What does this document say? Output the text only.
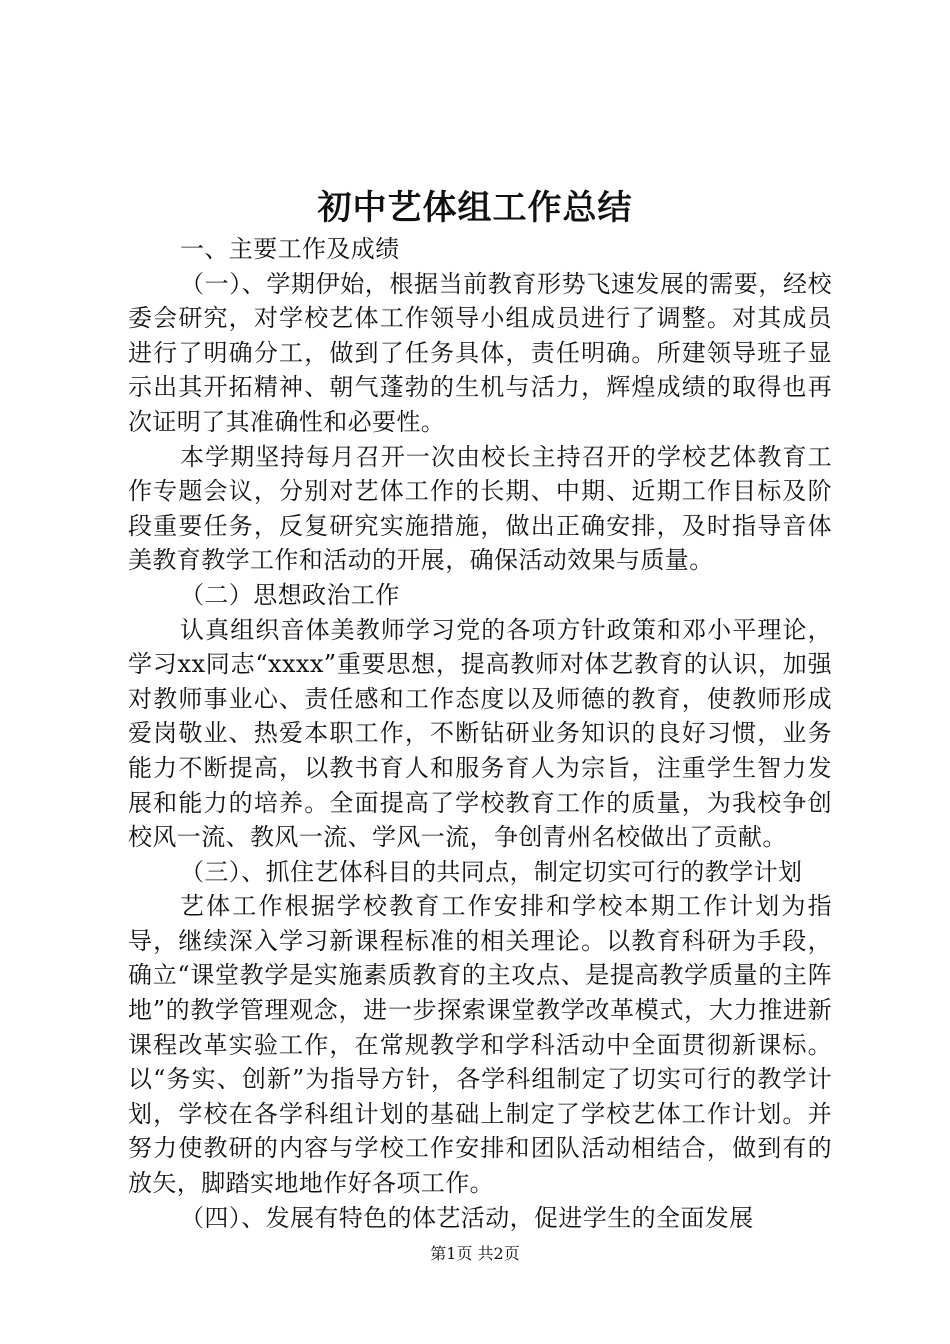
初中艺体组工作总结

一、主要工作及成绩

（一）、学期伊始，根据当前教育形势飞速发展的需要，经校委会研究，对学校艺体工作领导小组成员进行了调整。对其成员进行了明确分工，做到了任务具体，责任明确。所建领导班子显示出其开拓精神、朝气蓬勃的生机与活力，辉煌成绩的取得也再次证明了其准确性和必要性。

本学期坚持每月召开一次由校长主持召开的学校艺体教育工作专题会议，分别对艺体工作的长期、中期、近期工作目标及阶段重要任务，反复研究实施措施，做出正确安排，及时指导音体美教育教学工作和活动的开展，确保活动效果与质量。

（二）思想政治工作

认真组织音体美教师学习党的各项方针政策和邓小平理论，学习xx同志“xxxx”重要思想，提高教师对体艺教育的认识，加强对教师事业心、责任感和工作态度以及师德的教育，使教师形成爱岗敬业、热爱本职工作，不断钻研业务知识的良好习惯，业务能力不断提高，以教书育人和服务育人为宗旨，注重学生智力发展和能力的培养。全面提高了学校教育工作的质量，为我校争创校风一流、教风一流、学风一流，争创青州名校做出了贡献。

（三）、抓住艺体科目的共同点，制定切实可行的教学计划

艺体工作根据学校教育工作安排和学校本期工作计划为指导，继续深入学习新课程标准的相关理论。以教育科研为手段，确立“课堂教学是实施素质教育的主攻点、是提高教学质量的主阵地”的教学管理观念，进一步探索课堂教学改革模式，大力推进新课程改革实验工作，在常规教学和学科活动中全面贯彻新课标。以“务实、创新”为指导方针，各学科组制定了切实可行的教学计划，学校在各学科组计划的基础上制定了学校艺体工作计划。并努力使教研的内容与学校工作安排和团队活动相结合，做到有的放矢，脚踏实地地作好各项工作。

（四）、发展有特色的体艺活动，促进学生的全面发展

第1页 共2页
